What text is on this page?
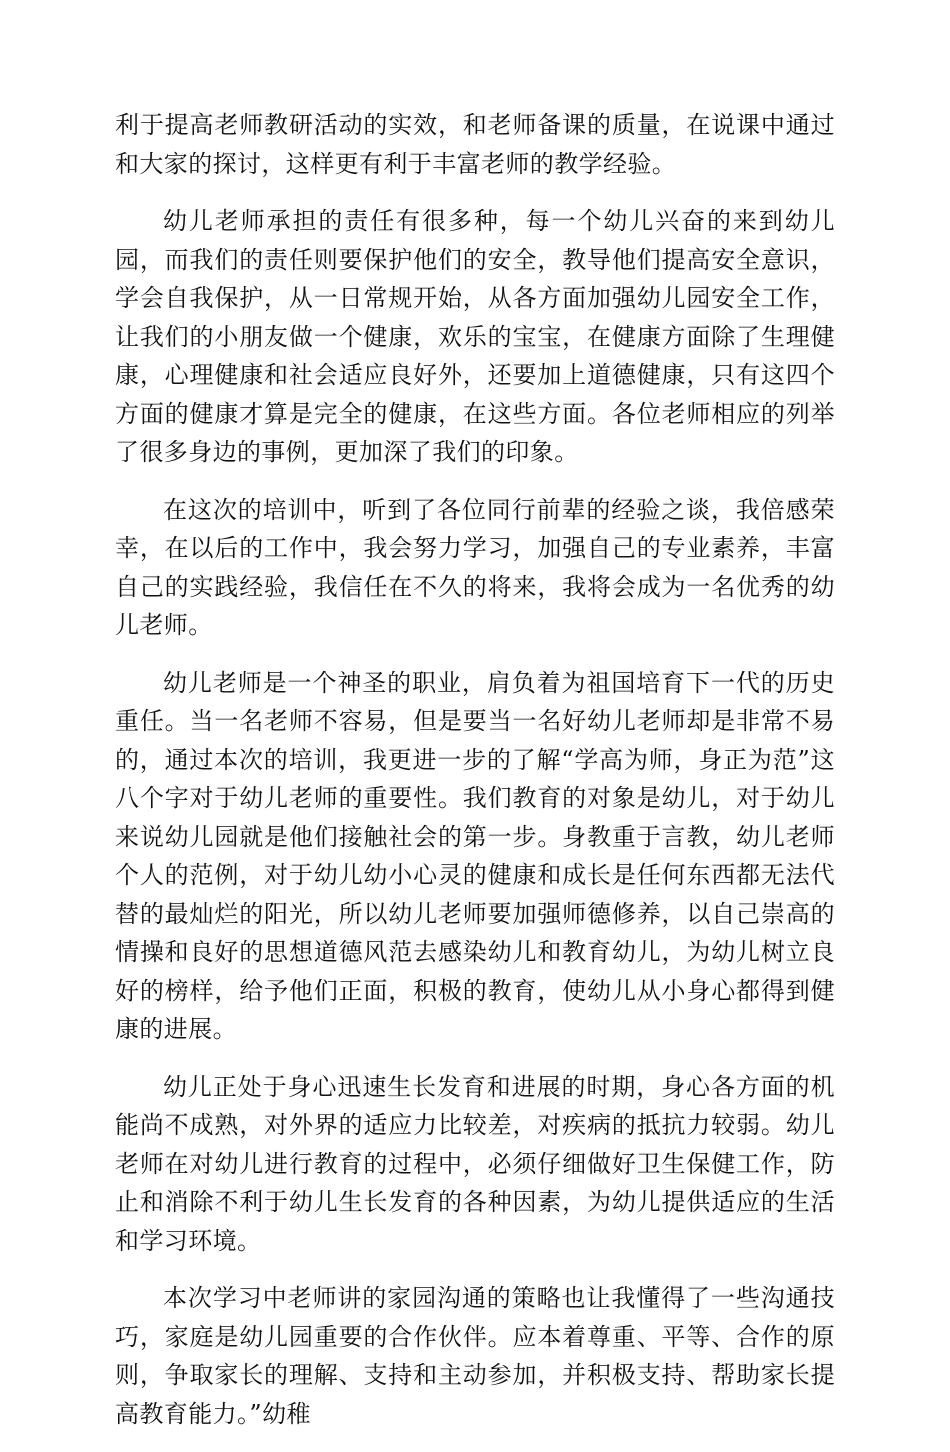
利于提高老师教研活动的实效，和老师备课的质量，在说课中通过和大家的探讨，这样更有利于丰富老师的教学经验。

幼儿老师承担的责任有很多种，每一个幼儿兴奋的来到幼儿园，而我们的责任则要保护他们的安全，教导他们提高安全意识，学会自我保护，从一日常规开始，从各方面加强幼儿园安全工作，让我们的小朋友做一个健康，欢乐的宝宝，在健康方面除了生理健康，心理健康和社会适应良好外，还要加上道德健康，只有这四个方面的健康才算是完全的健康，在这些方面。各位老师相应的列举了很多身边的事例，更加深了我们的印象。

在这次的培训中，听到了各位同行前辈的经验之谈，我倍感荣幸，在以后的工作中，我会努力学习，加强自己的专业素养，丰富自己的实践经验，我信任在不久的将来，我将会成为一名优秀的幼儿老师。

幼儿老师是一个神圣的职业，肩负着为祖国培育下一代的历史重任。当一名老师不容易，但是要当一名好幼儿老师却是非常不易的，通过本次的培训，我更进一步的了解“学高为师，身正为范”这八个字对于幼儿老师的重要性。我们教育的对象是幼儿，对于幼儿来说幼儿园就是他们接触社会的第一步。身教重于言教，幼儿老师个人的范例，对于幼儿幼小心灵的健康和成长是任何东西都无法代替的最灿烂的阳光，所以幼儿老师要加强师德修养，以自己崇高的情操和良好的思想道德风范去感染幼儿和教育幼儿，为幼儿树立良好的榜样，给予他们正面，积极的教育，使幼儿从小身心都得到健康的进展。

幼儿正处于身心迅速生长发育和进展的时期，身心各方面的机能尚不成熟，对外界的适应力比较差，对疾病的抵抗力较弱。幼儿老师在对幼儿进行教育的过程中，必须仔细做好卫生保健工作，防止和消除不利于幼儿生长发育的各种因素，为幼儿提供适应的生活和学习环境。

本次学习中老师讲的家园沟通的策略也让我懂得了一些沟通技巧，家庭是幼儿园重要的合作伙伴。应本着尊重、平等、合作的原则，争取家长的理解、支持和主动参加，并积极支持、帮助家长提高教育能力。”幼稚
